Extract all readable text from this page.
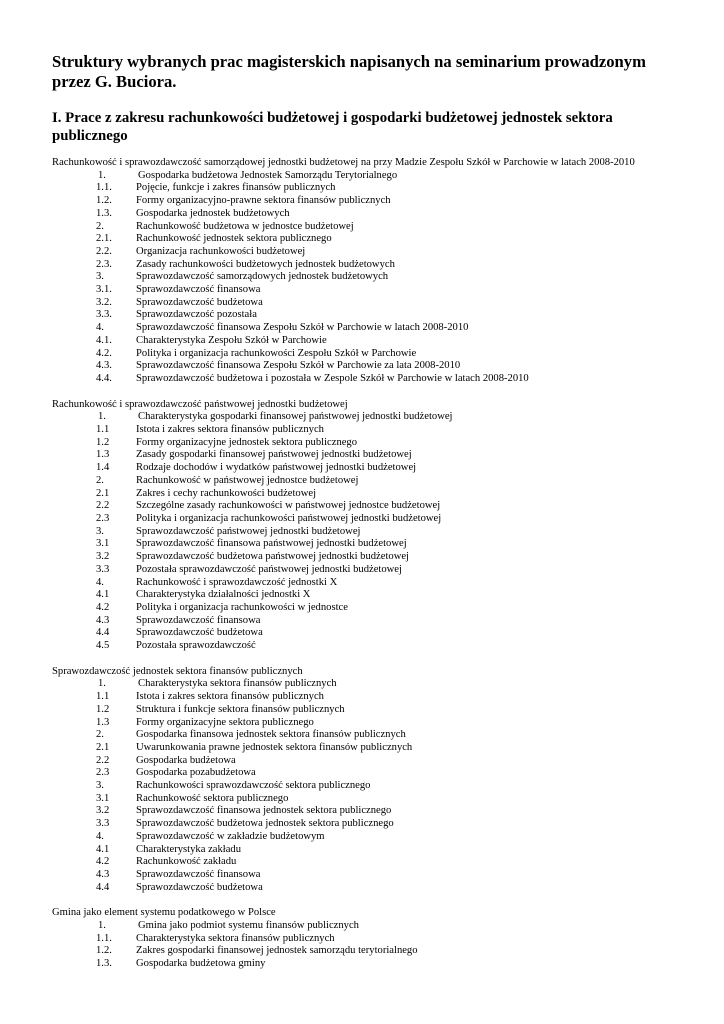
Struktury wybranych prac magisterskich napisanych na seminarium prowadzonym przez G. Buciora.
I. Prace z zakresu rachunkowości budżetowej i gospodarki budżetowej jednostek sektora publicznego

Rachunkowość i sprawozdawczość samorządowej jednostki budżetowej na przy Madzie Zespołu Szkół w Parchowie w latach 2008-2010

1.	Gospodarka budżetowa Jednostek Samorządu Terytorialnego
1.1.	Pojęcie, funkcje i zakres finansów publicznych
1.2.	Formy organizacyjno-prawne sektora finansów publicznych
1.3.	Gospodarka jednostek budżetowych
2.	Rachunkowość budżetowa w jednostce budżetowej
2.1.	Rachunkowość jednostek sektora publicznego
2.2.	Organizacja rachunkowości budżetowej
2.3.	Zasady rachunkowości budżetowych jednostek budżetowych
3.	Sprawozdawczość samorządowych jednostek budżetowych
3.1.	Sprawozdawczość finansowa
3.2.	Sprawozdawczość budżetowa
3.3.	Sprawozdawczość pozostała
4.	Sprawozdawczość finansowa Zespołu Szkół w Parchowie w latach 2008-2010
4.1.	Charakterystyka Zespołu Szkół w Parchowie
4.2.	Polityka i organizacja rachunkowości Zespołu Szkół w Parchowie
4.3.	Sprawozdawczość finansowa Zespołu Szkół w Parchowie za lata 2008-2010
4.4.	Sprawozdawczość budżetowa i pozostała w Zespole Szkół w Parchowie w latach 2008-2010

Rachunkowość i sprawozdawczość państwowej jednostki budżetowej

1.	Charakterystyka gospodarki finansowej państwowej jednostki budżetowej
1.1	Istota i zakres sektora finansów publicznych
1.2	Formy organizacyjne jednostek sektora publicznego
1.3	Zasady gospodarki finansowej państwowej jednostki budżetowej
1.4	Rodzaje dochodów i wydatków państwowej jednostki budżetowej
2.	Rachunkowość w państwowej jednostce budżetowej
2.1	Zakres i cechy rachunkowości budżetowej
2.2	Szczególne zasady rachunkowości w państwowej jednostce budżetowej
2.3	Polityka i organizacja rachunkowości państwowej jednostki budżetowej
3.	Sprawozdawczość państwowej jednostki budżetowej
3.1	Sprawozdawczość finansowa państwowej jednostki budżetowej
3.2	Sprawozdawczość budżetowa państwowej jednostki budżetowej
3.3	Pozostała sprawozdawczość państwowej jednostki budżetowej
4.	Rachunkowość i sprawozdawczość jednostki X
4.1	Charakterystyka działalności jednostki X
4.2	Polityka i organizacja rachunkowości w jednostce
4.3	Sprawozdawczość finansowa
4.4	Sprawozdawczość budżetowa
4.5	Pozostała sprawozdawczość

Sprawozdawczość jednostek sektora finansów publicznych

1.	Charakterystyka sektora finansów publicznych
1.1	Istota i zakres sektora finansów publicznych
1.2	Struktura i funkcje sektora finansów publicznych
1.3	Formy organizacyjne sektora publicznego
2.	Gospodarka finansowa jednostek sektora finansów publicznych
2.1	Uwarunkowania prawne jednostek sektora finansów publicznych
2.2	Gospodarka budżetowa
2.3	Gospodarka pozabudżetowa
3.	Rachunkowości sprawozdawczość sektora publicznego
3.1	Rachunkowość sektora publicznego
3.2	Sprawozdawczość finansowa jednostek sektora publicznego
3.3	Sprawozdawczość budżetowa jednostek sektora publicznego
4.	Sprawozdawczość w zakładzie budżetowym
4.1	Charakterystyka zakładu
4.2	Rachunkowość zakładu
4.3	Sprawozdawczość finansowa
4.4	Sprawozdawczość budżetowa

Gmina jako element systemu podatkowego w Polsce

1.	Gmina jako podmiot systemu finansów publicznych
1.1.	Charakterystyka sektora finansów publicznych
1.2.	Zakres gospodarki finansowej jednostek samorządu terytorialnego
1.3.	Gospodarka budżetowa gminy
